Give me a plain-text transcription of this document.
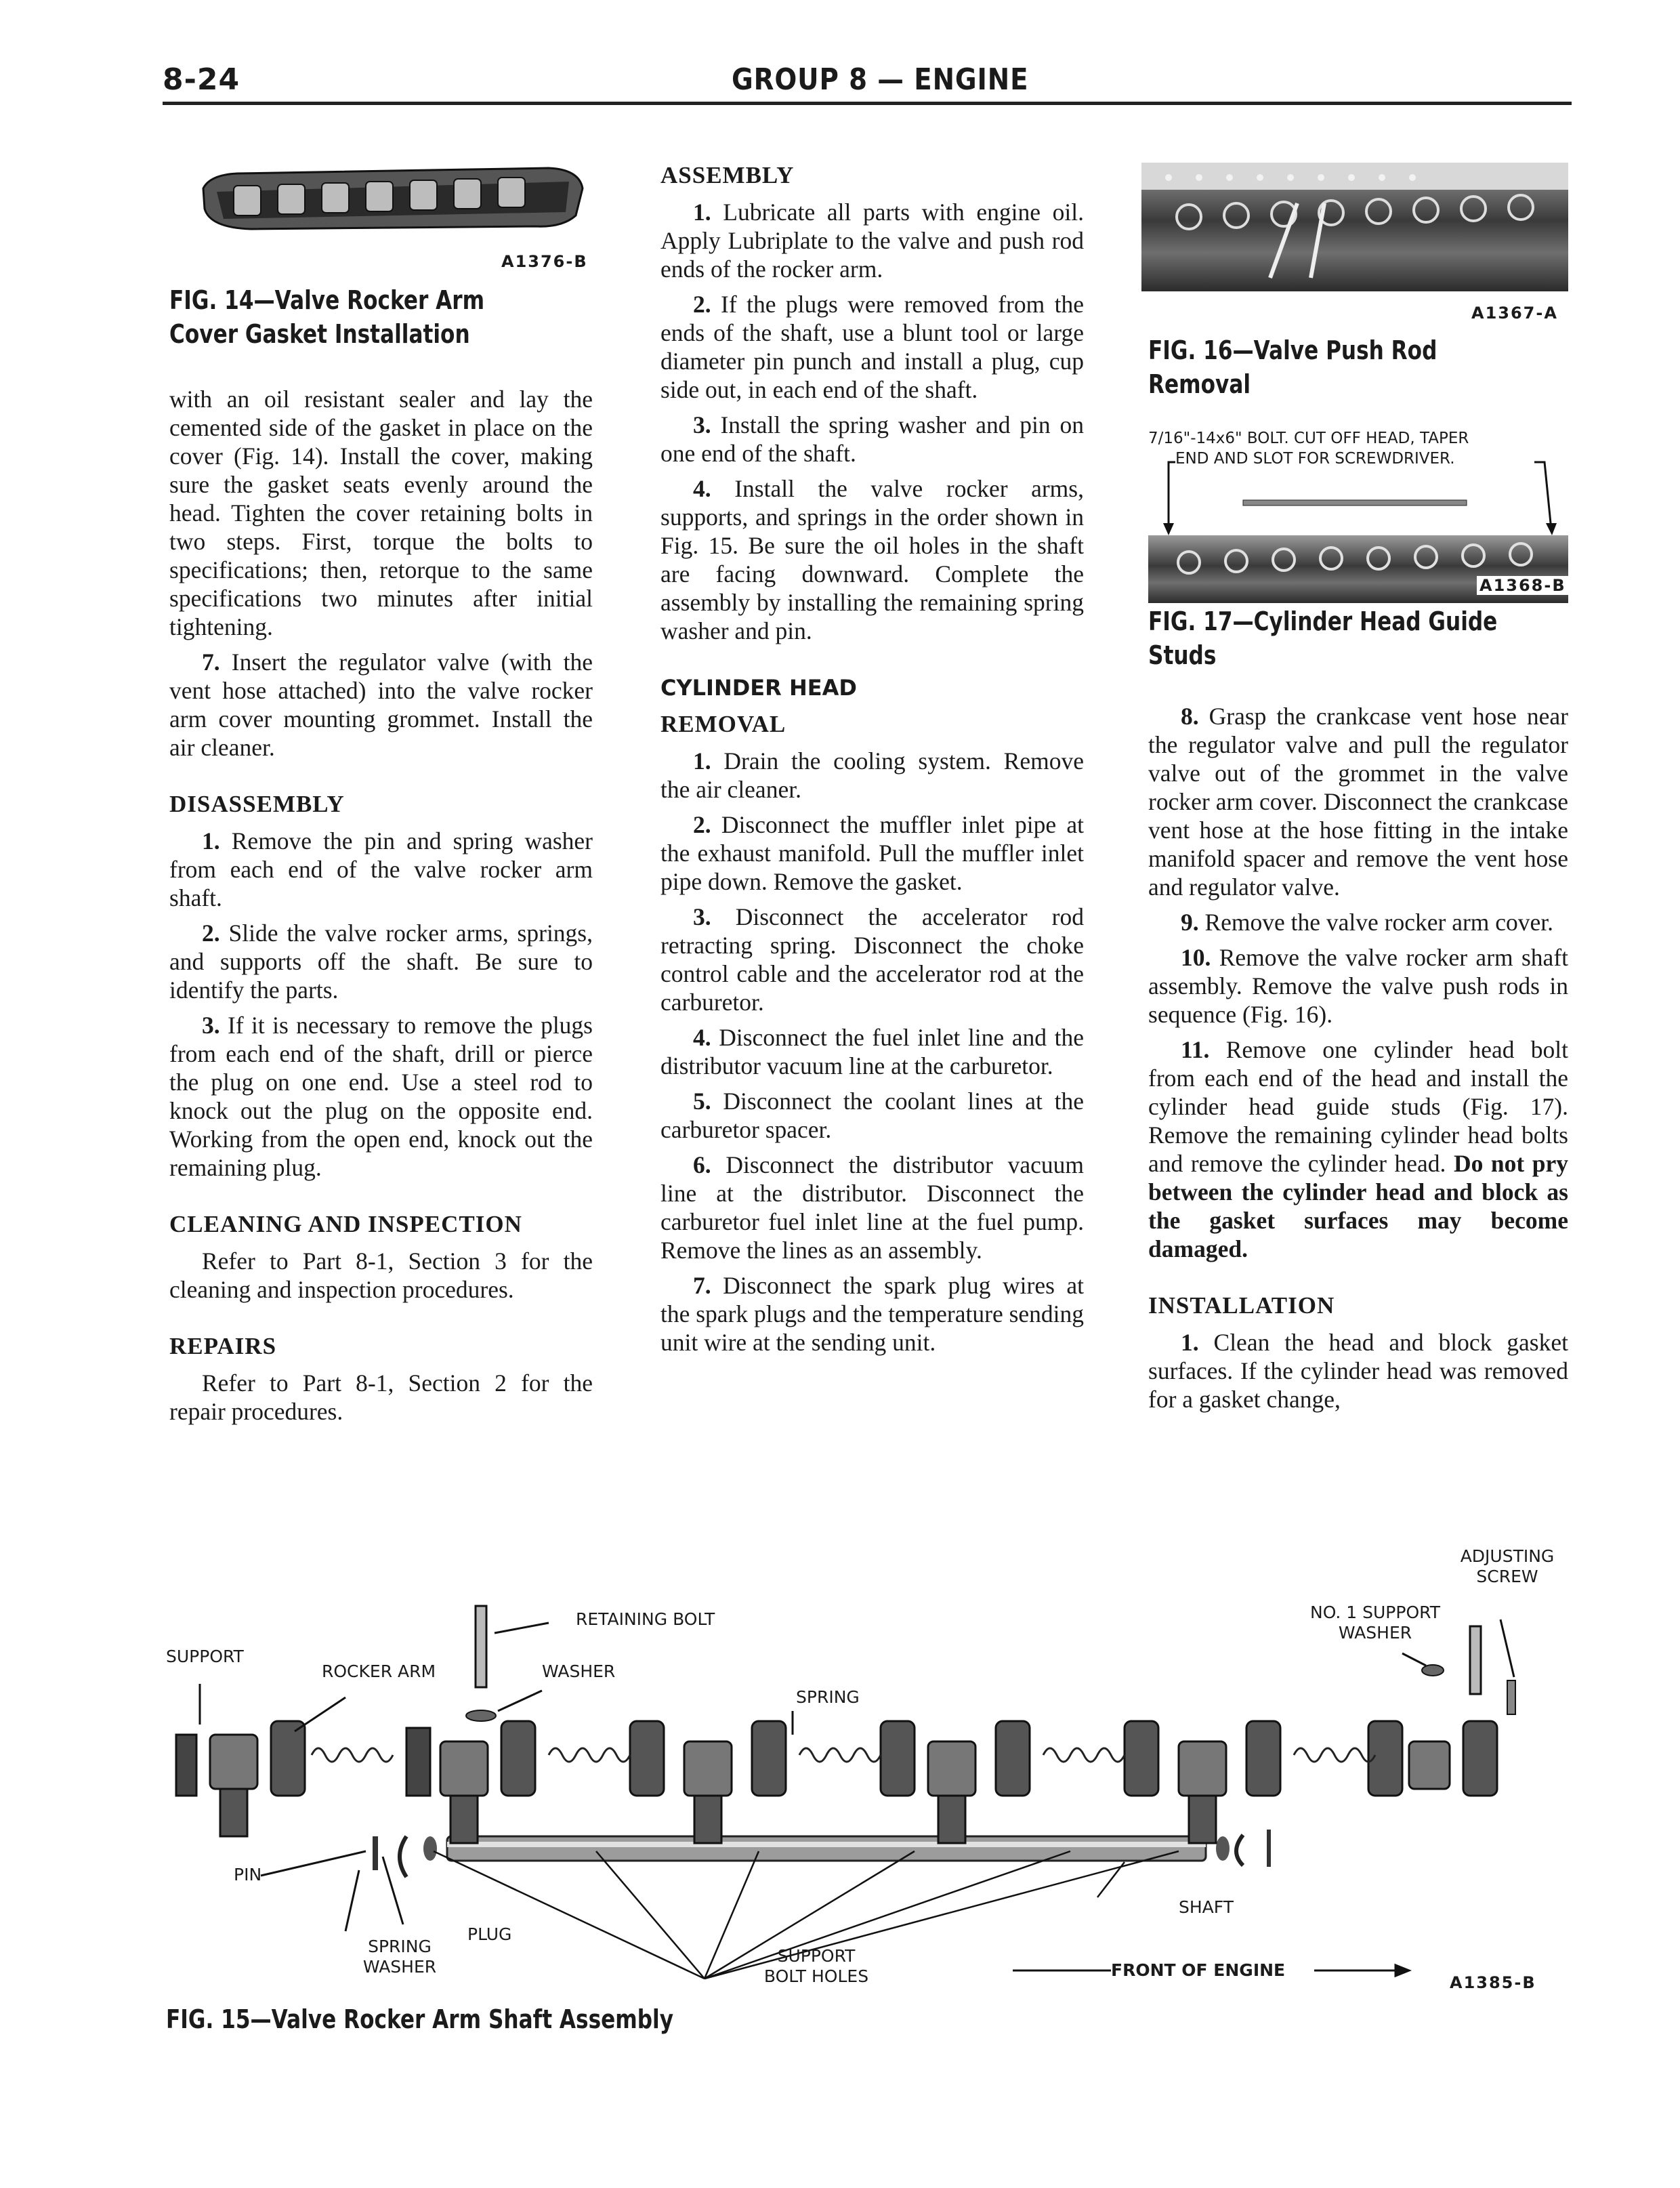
8-24	GROUP 8 — ENGINE
A1376-B
FIG. 14—Valve Rocker Arm
Cover Gasket Installation

with an oil resistant sealer and lay the cemented side of the gasket in place on the cover (Fig. 14). Install the cover, making sure the gasket seats evenly around the head. Tighten the cover retaining bolts in two steps. First, torque the bolts to specifications; then, retorque to the same specifications two minutes after initial tightening.

7. Insert the regulator valve (with the vent hose attached) into the valve rocker arm cover mounting grommet. Install the air cleaner.

DISASSEMBLY

1. Remove the pin and spring washer from each end of the valve rocker arm shaft.

2. Slide the valve rocker arms, springs, and supports off the shaft. Be sure to identify the parts.

3. If it is necessary to remove the plugs from each end of the shaft, drill or pierce the plug on one end. Use a steel rod to knock out the plug on the opposite end. Working from the open end, knock out the remaining plug.

CLEANING AND INSPECTION

Refer to Part 8-1, Section 3 for the cleaning and inspection procedures.

REPAIRS

Refer to Part 8-1, Section 2 for the repair procedures.

ASSEMBLY

1. Lubricate all parts with engine oil. Apply Lubriplate to the valve and push rod ends of the rocker arm.

2. If the plugs were removed from the ends of the shaft, use a blunt tool or large diameter pin punch and install a plug, cup side out, in each end of the shaft.

3. Install the spring washer and pin on one end of the shaft.

4. Install the valve rocker arms, supports, and springs in the order shown in Fig. 15. Be sure the oil holes in the shaft are facing downward. Complete the assembly by installing the remaining spring washer and pin.

CYLINDER HEAD
REMOVAL

1. Drain the cooling system. Remove the air cleaner.

2. Disconnect the muffler inlet pipe at the exhaust manifold. Pull the muffler inlet pipe down. Remove the gasket.

3. Disconnect the accelerator rod retracting spring. Disconnect the choke control cable and the accelerator rod at the carburetor.

4. Disconnect the fuel inlet line and the distributor vacuum line at the carburetor.

5. Disconnect the coolant lines at the carburetor spacer.

6. Disconnect the distributor vacuum line at the distributor. Disconnect the carburetor fuel inlet line at the fuel pump. Remove the lines as an assembly.

7. Disconnect the spark plug wires at the spark plugs and the temperature sending unit wire at the sending unit.

A1367-A
FIG. 16—Valve Push Rod
Removal
7/16"-14x6" BOLT. CUT OFF HEAD, TAPER
END AND SLOT FOR SCREWDRIVER.
A1368-B
FIG. 17—Cylinder Head Guide
Studs

8. Grasp the crankcase vent hose near the regulator valve and pull the regulator valve out of the grommet in the valve rocker arm cover. Disconnect the crankcase vent hose at the hose fitting in the intake manifold spacer and remove the vent hose and regulator valve.

9. Remove the valve rocker arm cover.

10. Remove the valve rocker arm shaft assembly. Remove the valve push rods in sequence (Fig. 16).

11. Remove one cylinder head bolt from each end of the head and install the cylinder head guide studs (Fig. 17). Remove the remaining cylinder head bolts and remove the cylinder head. Do not pry between the cylinder head and block as the gasket surfaces may become damaged.

INSTALLATION

1. Clean the head and block gasket surfaces. If the cylinder head was removed for a gasket change,

ADJUSTING
SCREW
RETAINING BOLT	NO. 1 SUPPORT
WASHER
SUPPORT
ROCKER ARM	WASHER
SPRING
PIN
SHAFT
SPRING
WASHER
PLUG
SUPPORT
BOLT HOLES	FRONT OF ENGINE
A1385-B
FIG. 15—Valve Rocker Arm Shaft Assembly
